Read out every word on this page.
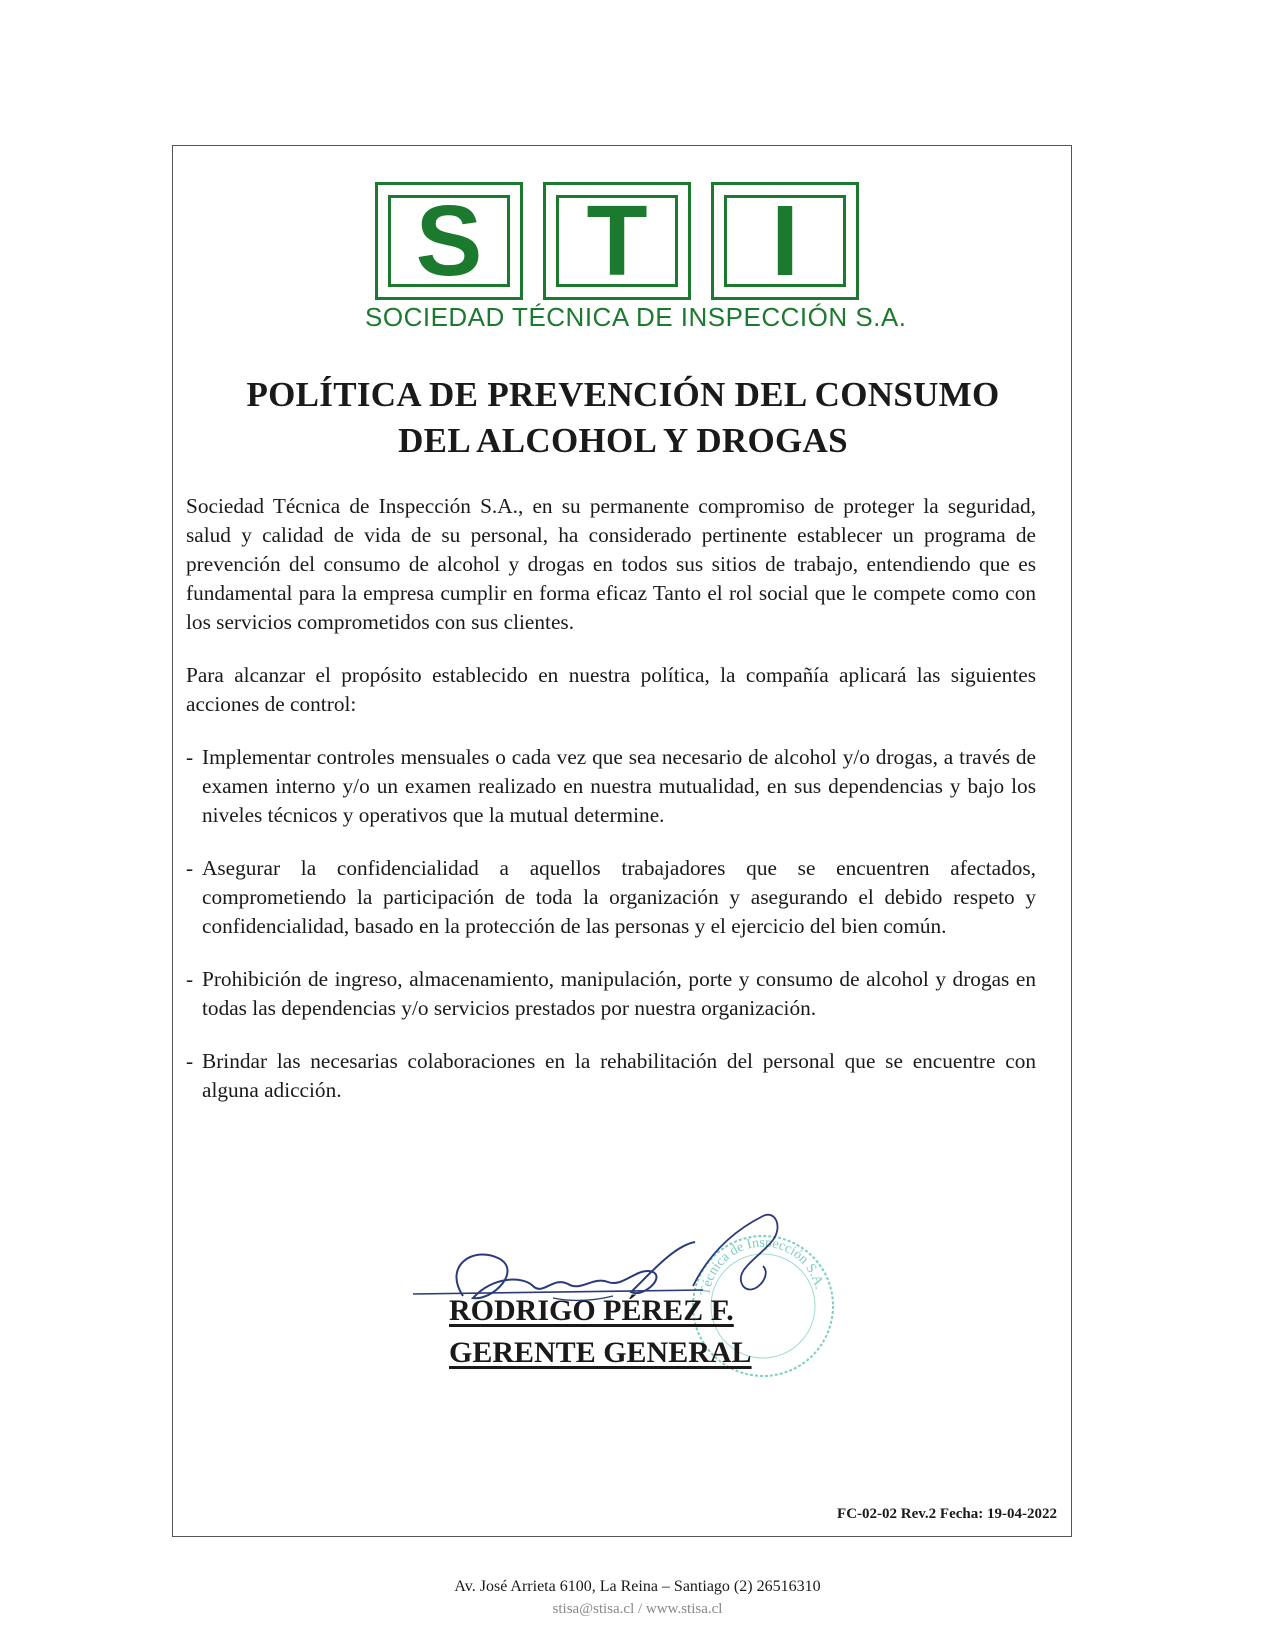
S	T	I
SOCIEDAD TÉCNICA DE INSPECCIÓN S.A.
POLÍTICA DE PREVENCIÓN DEL CONSUMO
DEL ALCOHOL Y DROGAS

Sociedad Técnica de Inspección S.A., en su permanente compromiso de proteger la seguridad, salud y calidad de vida de su personal, ha considerado pertinente establecer un programa de prevención del consumo de alcohol y drogas en todos sus sitios de trabajo, entendiendo que es fundamental para la empresa cumplir en forma eficaz Tanto el rol social que le compete como con los servicios comprometidos con sus clientes.

Para alcanzar el propósito establecido en nuestra política, la compañía aplicará las siguientes acciones de control:

- Implementar controles mensuales o cada vez que sea necesario de alcohol y/o drogas, a través de examen interno y/o un examen realizado en nuestra mutualidad, en sus dependencias y bajo los niveles técnicos y operativos que la mutual determine.
- Asegurar la confidencialidad a aquellos trabajadores que se encuentren afectados, comprometiendo la participación de toda la organización y asegurando el debido respeto y confidencialidad, basado en la protección de las personas y el ejercicio del bien común.
- Prohibición de ingreso, almacenamiento, manipulación, porte y consumo de alcohol y drogas en todas las dependencias y/o servicios prestados por nuestra organización.
- Brindar las necesarias colaboraciones en la rehabilitación del personal que se encuentre con alguna adicción.
Técnica de Inspección S.A.
RODRIGO PÉREZ F.
GERENTE GENERAL
FC-02-02 Rev.2 Fecha: 19-04-2022
Av. José Arrieta 6100, La Reina – Santiago (2) 26516310
stisa@stisa.cl / www.stisa.cl
